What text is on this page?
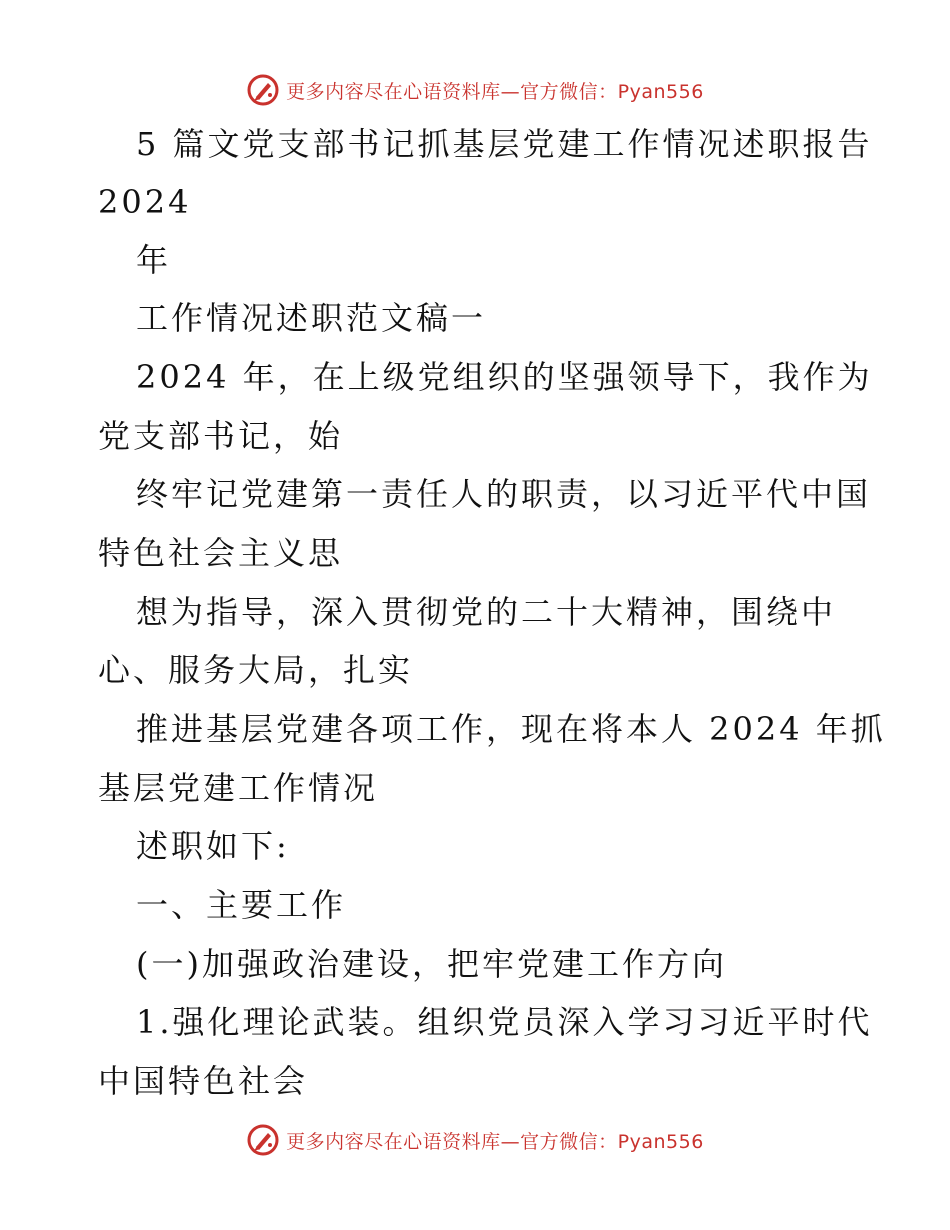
更多内容尽在心语资料库—官方微信：Pyan556
5 篇文党支部书记抓基层党建工作情况述职报告
2024
年
工作情况述职范文稿一
2024 年，在上级党组织的坚强领导下，我作为
党支部书记，始
终牢记党建第一责任人的职责，以习近平代中国
特色社会主义思
想为指导，深入贯彻党的二十大精神，围绕中
心、服务大局，扎实
推进基层党建各项工作，现在将本人 2024 年抓
基层党建工作情况
述职如下:
一、主要工作
(一)加强政治建设，把牢党建工作方向
1.强化理论武装。组织党员深入学习习近平时代
中国特色社会
更多内容尽在心语资料库—官方微信：Pyan556
